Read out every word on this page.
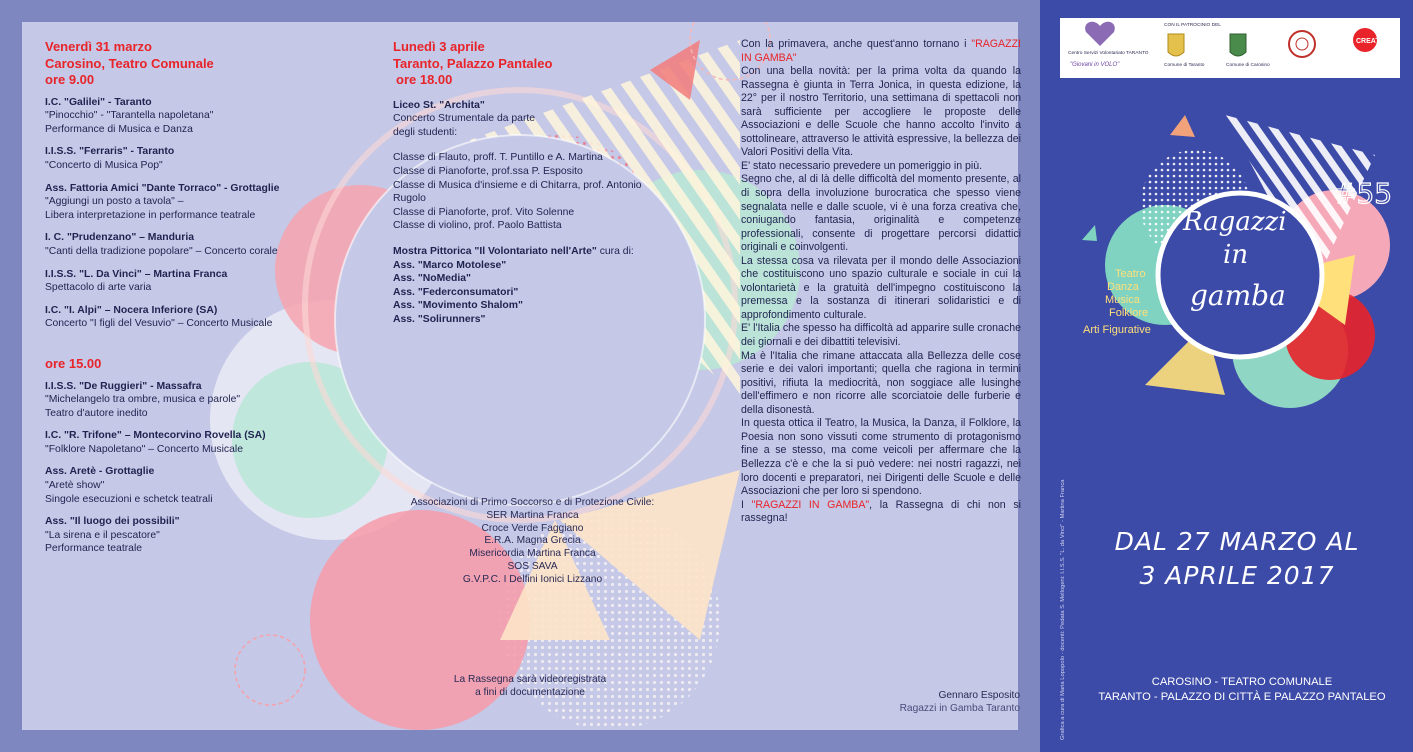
Venerdì 31 marzo
Carosino, Teatro Comunale
ore 9.00
I.C. "Galilei" - Taranto
"Pinocchio" - "Tarantella napoletana"
Performance di Musica e Danza
I.I.S.S. "Ferraris" - Taranto
"Concerto di Musica Pop"
Ass. Fattoria Amici "Dante Torraco" - Grottaglie
"Aggiungi un posto a tavola" –
Libera interpretazione in performance teatrale
I. C. "Prudenzano" – Manduria
"Canti della tradizione popolare" – Concerto corale
I.I.S.S. "L. Da Vinci" – Martina Franca
Spettacolo di arte varia
I.C. "I. Alpi" – Nocera Inferiore (SA)
Concerto "I figli del Vesuvio" – Concerto Musicale
ore 15.00
I.I.S.S. "De Ruggieri" - Massafra
"Michelangelo tra ombre, musica e parole"
Teatro d'autore inedito
I.C. "R. Trifone" – Montecorvino Rovella (SA)
"Folklore Napoletano" – Concerto Musicale
Ass. Aretè - Grottaglie
"Aretè show"
Singole esecuzioni e schetck teatrali
Ass. "Il luogo dei possibili"
"La sirena e il pescatore"
Performance teatrale
Lunedì 3 aprile
Taranto, Palazzo Pantaleo
ore 18.00
Liceo St. "Archita"
Concerto Strumentale da parte
degli studenti:
Classe di Flauto, proff. T. Puntillo e A. Martina
Classe di Pianoforte, prof.ssa P. Esposito
Classe di Musica d'insieme e di Chitarra, prof. Antonio
Rugolo
Classe di Pianoforte, prof. Vito Solenne
Classe di violino, prof. Paolo Battista
Mostra Pittorica "Il Volontariato nell'Arte" cura di:
Ass. "Marco Motolese"
Ass. "NoMedia"
Ass. "Federconsumatori"
Ass. "Movimento Shalom"
Ass. "Solirunners"
Associazioni di Primo Soccorso e di Protezione Civile:
SER Martina Franca
Croce Verde Faggiano
E.R.A. Magna Grecia
Misericordia Martina Franca
SOS SAVA
G.V.P.C. I Delfini Ionici Lizzano
La Rassegna sarà videoregistrata
a fini di documentazione

Con la primavera, anche quest'anno tornano i "RAGAZZI IN GAMBA"

Con una bella novità: per la prima volta da quando la Rassegna è giunta in Terra Jonica, in questa edizione, la 22° per il nostro Territorio, una settimana di spettacoli non sarà sufficiente per accogliere le proposte delle Associazioni e delle Scuole che hanno accolto l'invito a sottolineare, attraverso le attività espressive, la bellezza dei Valori Positivi della Vita.

E' stato necessario prevedere un pomeriggio in più.

Segno che, al di là delle difficoltà del momento presente, al di sopra della involuzione burocratica che spesso viene segnalata nelle e dalle scuole, vi è una forza creativa che, coniugando fantasia, originalità e competenze professionali, consente di progettare percorsi didattici originali e coinvolgenti.

La stessa cosa va rilevata per il mondo delle Associazioni che costituiscono uno spazio culturale e sociale in cui la volontarietà e la gratuità dell'impegno costituiscono la premessa e la sostanza di itinerari solidaristici e di approfondimento culturale.

E' l'Italia che spesso ha difficoltà ad apparire sulle cronache dei giornali e dei dibattiti televisivi.

Ma è l'Italia che rimane attaccata alla Bellezza delle cose serie e dei valori importanti; quella che ragiona in termini positivi, rifiuta la mediocrità, non soggiace alle lusinghe dell'effimero e non ricorre alle scorciatoie delle furberie e della disonestà.

In questa ottica il Teatro, la Musica, la Danza, il Folklore, la Poesia non sono vissuti come strumento di protagonismo fine a se stesso, ma come veicoli per affermare che la Bellezza c'è e che la si può vedere: nei nostri ragazzi, nei loro docenti e preparatori, nei Dirigenti delle Scuole e delle Associazioni che per loro si spendono.

I "RAGAZZI IN GAMBA", la Rassegna di chi non si rassegna!

Gennaro Esposito
Ragazzi in Gamba Taranto
Centro Servizi Volontariato TARANTO
"Giovani in VOLO"
CON IL PATROCINIO DEL
Comune di Taranto	Comune di Carosino
CREAT
Ragazzi
in
gamba
#55
Teatro
Danza
Musica
Folklore
Arti Figurative
Grafica a cura di Maria Lopopolo - docenti: Pedata S. Mellogeni: I.I.S.S. "L. da Vinci" - Martina Franca	DAL 27 MARZO AL
3 APRILE 2017
CAROSINO - TEATRO COMUNALE
TARANTO - PALAZZO DI CITTÀ E PALAZZO PANTALEO
